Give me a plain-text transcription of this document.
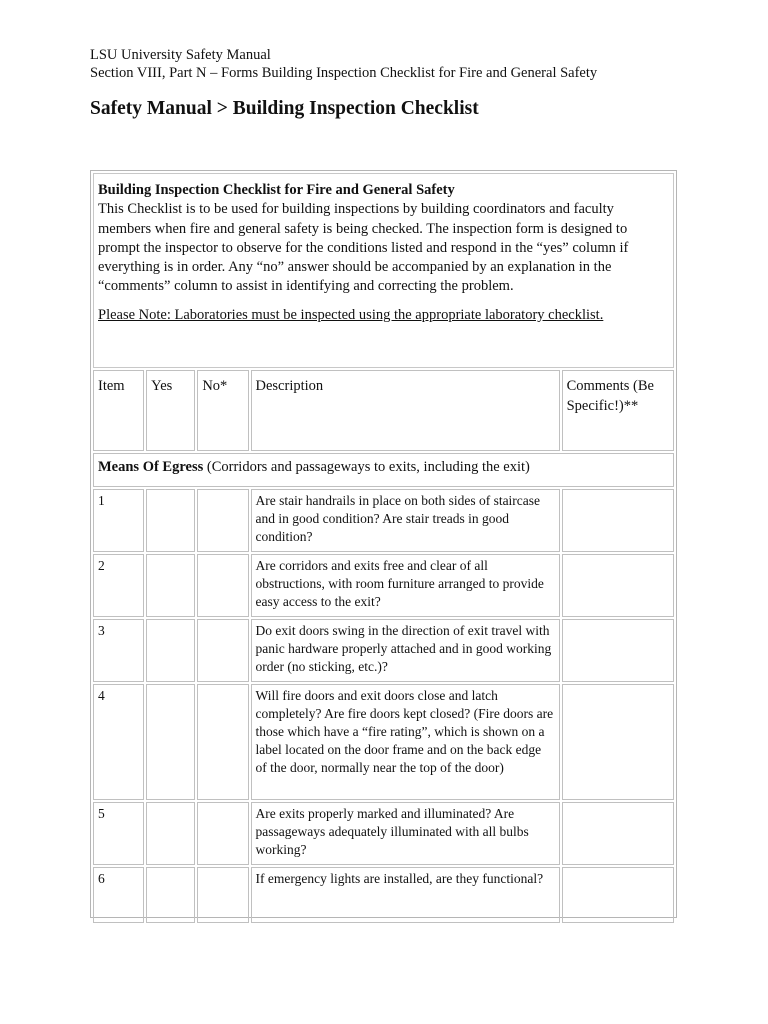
LSU University Safety Manual
Section VIII, Part N – Forms Building Inspection Checklist for Fire and General Safety
Safety Manual > Building Inspection Checklist
Building Inspection Checklist for Fire and General Safety
This Checklist is to be used for building inspections by building coordinators and faculty members when fire and general safety is being checked. The inspection form is designed to prompt the inspector to observe for the conditions listed and respond in the “yes” column if everything is in order. Any “no” answer should be accompanied by an explanation in the “comments” column to assist in identifying and correcting the problem.
Please Note: Laboratories must be inspected using the appropriate laboratory checklist.
Item	Yes	No*	Description	Comments (Be Specific!)**
Means Of Egress (Corridors and passageways to exits, including the exit)				
1			Are stair handrails in place on both sides of staircase and in good condition? Are stair treads in good condition?	
2			Are corridors and exits free and clear of all obstructions, with room furniture arranged to provide easy access to the exit?	
3			Do exit doors swing in the direction of exit travel with panic hardware properly attached and in good working order (no sticking, etc.)?	
4			Will fire doors and exit doors close and latch completely? Are fire doors kept closed? (Fire doors are those which have a “fire rating”, which is shown on a label located on the door frame and on the back edge of the door, normally near the top of the door)	
5			Are exits properly marked and illuminated? Are passageways adequately illuminated with all bulbs working?	
6			If emergency lights are installed, are they functional?	
